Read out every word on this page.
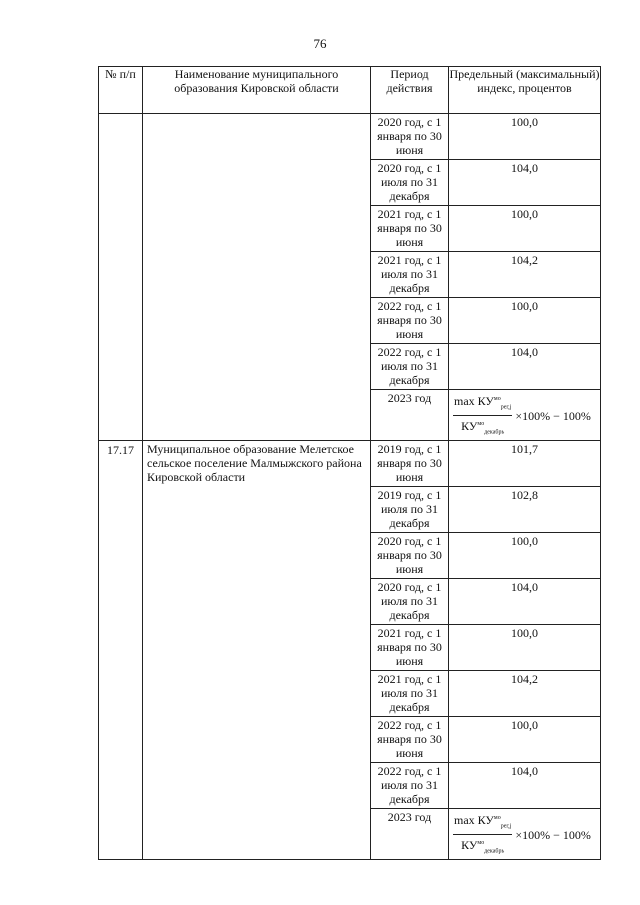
76
№ п/п	Наименование муниципального образования Кировской области	Период действия	Предельный (максимальный) индекс, процентов
		2020 год, с 1 января по 30 июня	100,0
		2020 год, с 1 июля по 31 декабря	104,0
		2021 год, с 1 января по 30 июня	100,0
		2021 год, с 1 июля по 31 декабря	104,2
		2022 год, с 1 января по 30 июня	100,0
		2022 год, с 1 июля по 31 декабря	104,0
		2023 год	$\frac{\max КУ^{мо}_{рег,j}}{КУ^{мо}_{декабрь}} \times 100\% - 100\%$
17.17	Муниципальное образование Мелетское сельское поселение Малмыжского района Кировской области	2019 год, с 1 января по 30 июня	101,7
		2019 год, с 1 июля по 31 декабря	102,8
		2020 год, с 1 января по 30 июня	100,0
		2020 год, с 1 июля по 31 декабря	104,0
		2021 год, с 1 января по 30 июня	100,0
		2021 год, с 1 июля по 31 декабря	104,2
		2022 год, с 1 января по 30 июня	100,0
		2022 год, с 1 июля по 31 декабря	104,0
		2023 год	$\frac{\max КУ^{мо}_{рег,j}}{КУ^{мо}_{декабрь}} \times 100\% - 100\%$
